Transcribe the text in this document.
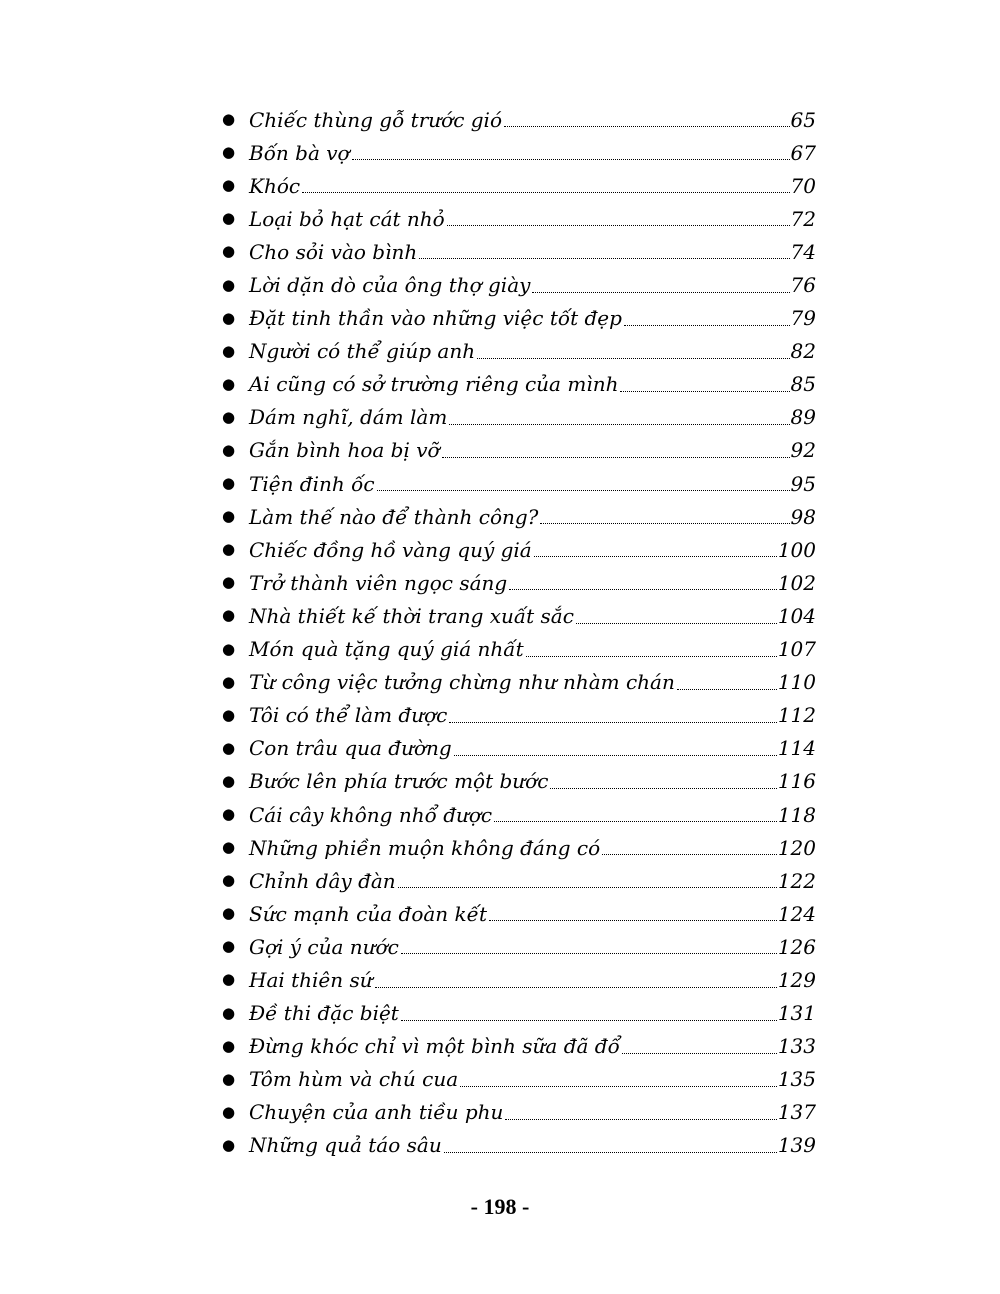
● Chiếc thùng gỗ trước gió	65
● Bốn bà vợ	67
● Khóc	70
● Loại bỏ hạt cát nhỏ	72
● Cho sỏi vào bình	74
● Lời dặn dò của ông thợ giày	76
● Đặt tinh thần vào những việc tốt đẹp	79
● Người có thể giúp anh	82
● Ai cũng có sở trường riêng của mình	85
● Dám nghĩ, dám làm	89
● Gắn bình hoa bị vỡ	92
● Tiện đinh ốc	95
● Làm thế nào để thành công?	98
● Chiếc đồng hồ vàng quý giá	100
● Trở thành viên ngọc sáng	102
● Nhà thiết kế thời trang xuất sắc	104
● Món quà tặng quý giá nhất	107
● Từ công việc tưởng chừng như nhàm chán	110
● Tôi có thể làm được	112
● Con trâu qua đường	114
● Bước lên phía trước một bước	116
● Cái cây không nhổ được	118
● Những phiền muộn không đáng có	120
● Chỉnh dây đàn	122
● Sức mạnh của đoàn kết	124
● Gợi ý của nước	126
● Hai thiên sứ	129
● Đề thi đặc biệt	131
● Đừng khóc chỉ vì một bình sữa đã đổ	133
● Tôm hùm và chú cua	135
● Chuyện của anh tiều phu	137
● Những quả táo sâu	139
- 198 -
